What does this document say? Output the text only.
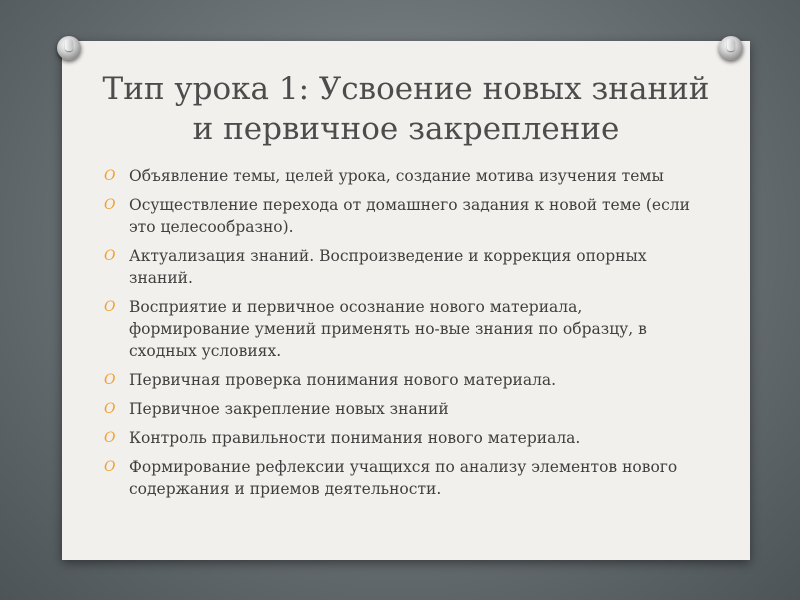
Тип урока 1: Усвоение новых знаний
и первичное закрепление
O Объявление темы, целей урока, создание мотива изучения темы
O Осуществление перехода от домашнего задания к новой теме (если это целесообразно).
O Актуализация знаний. Воспроизведение и коррекция опорных знаний.
O Восприятие и первичное осознание нового материала, формирование умений применять но-вые знания по образцу, в сходных условиях.
O Первичная проверка понимания нового материала.
O Первичное закрепление новых знаний
O Контроль правильности понимания нового материала.
O Формирование рефлексии учащихся по анализу элементов нового содержания и приемов деятельности.
